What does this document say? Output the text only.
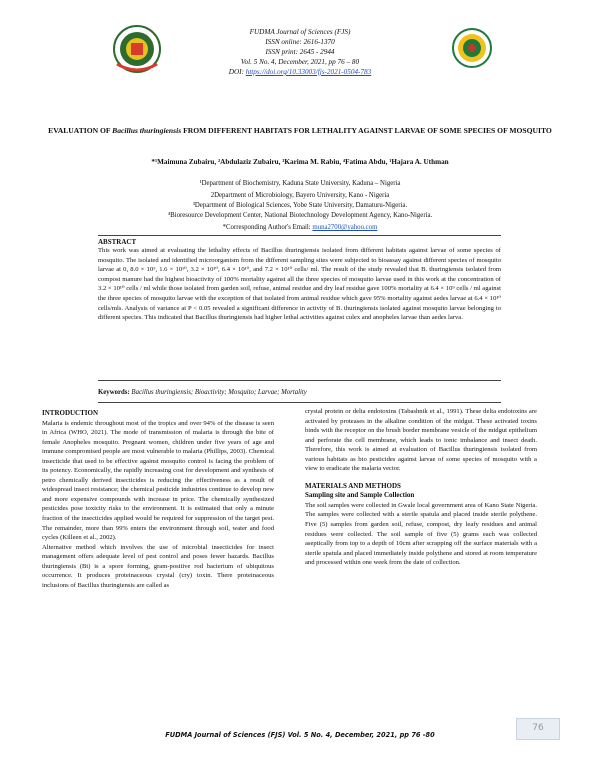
FUDMA Journal of Sciences (FJS)
ISSN online: 2616-1370
ISSN print: 2645 - 2944
Vol. 5 No. 4, December, 2021, pp 76 – 80
DOI: https://doi.org/10.33003/fjs-2021-0504-783
EVALUATION OF Bacillus thuringiensis FROM DIFFERENT HABITATS FOR LETHALITY AGAINST LARVAE OF SOME SPECIES OF MOSQUITO
*¹Maimuna Zubairu, ²Abdulaziz Zubairu, ³Karima M. Rabiu, ⁴Fatima Abdu, ¹Hajara A. Uthman
¹Department of Biochemistry, Kaduna State University, Kaduna – Nigeria
2Department of Microbiology, Bayero University, Kano - Nigeria
³Department of Biological Sciences, Yobe State University, Damaturu-Nigeria.
⁴Bioresource Development Center, National Biotechnology Development Agency, Kano-Nigeria.
*Corresponding Author's Email: muna2700@yahoo.com
ABSTRACT
This work was aimed at evaluating the lethality effects of Bacillus thuringiensis isolated from different habitats against larvae of some species of mosquito. The isolated and identified microorganism from the different sampling sites were subjected to bioassay against different species of mosquito larvae at 0, 8.0 × 10⁹, 1.6 × 10¹⁰, 3.2 × 10¹⁰, 6.4 × 10¹⁰, and 7.2 × 10¹⁰ cells/ ml. The result of the study revealed that B. thuringiensis isolated from compost manure had the highest bioactivity of 100% mortality against all the three species of mosquito larvae used in this work at the concentration of 3.2 × 10¹⁰ cells / ml while those isolated from garden soil, refuse, animal residue and dry leaf residue gave 100% mortality at 6.4 × 10⁹ cells / ml against the three species of mosquito larvae with the exception of that isolated from animal residue which gave 95% mortality against aedes larvae at 6.4 × 10¹⁰ cells/mls. Analysis of variance at P < 0.05 revealed a significant difference in activity of B. thuringiensis isolated against mosquito larvae belonging to different species. This indicated that Bacillus thuringiensis had higher lethal activities against culex and anopheles larvae than aedes larva.
Keywords: Bacillus thuringiensis; Bioactivity; Mosquito; Larvae; Mortality

INTRODUCTION

Malaria is endemic throughout most of the tropics and over 94% of the disease is seen in Africa (WHO, 2021). The mode of transmission of malaria is through the bite of female Anopheles mosquito. Pregnant women, children under five years of age and immune compromised people are most vulnerable to malaria (Phillips, 2003). Chemical insecticide that used to be effective against mosquito control is facing the problem of its potency. Economically, the rapidly increasing cost for development and synthesis of petro chemically derived insecticides is reducing the effectiveness as a result of widespread insect resistance; the chemical pesticide industries continue to develop new and more expensive compounds with increase in price. The chemically synthesized pesticides pose toxicity risks to the environment. It is estimated that only a minute fraction of the insecticides applied would be required for suppression of the target pest. The remainder, more than 99% enters the environment through soil, water and food cycles (Killeen et al., 2002).

Alternative method which involves the use of microbial insecticides for insect management offers adequate level of pest control and poses fewer hazards. Bacillus thuringiensis (Bt) is a spore forming, gram-positive rod bacterium of ubiquitous occurrence. It produces proteinaceous crystal (cry) toxin. There proteinaceous inclusions of Bacillus thuringiensis are called as

crystal protein or delta endotoxins (Tabashnik et al., 1991). These delta endotoxins are activated by proteases in the alkaline condition of the midgut. These activated toxins binds with the receptor on the brush border membrane vesicle of the midgut epithelium and perforate the cell membrane, which leads to ionic imbalance and insect death. Therefore, this work is aimed at evaluation of Bacillus thuringiensis isolated from various habitats as bio pesticides against larvae of some species of mosquito with a view to eradicate the malaria vector.

MATERIALS AND METHODS

Sampling site and Sample Collection

The soil samples were collected in Gwale local government area of Kano State Nigeria. The samples were collected with a sterile spatula and placed inside sterile polythene. Five (5) samples from garden soil, refuse, compost, dry leafy residues and animal residues were collected. The soil sample of five (5) grams each was collected aseptically from top to a depth of 10cm after scrapping off the surface materials with a sterile spatula and placed immediately inside polythene and stored at room temperature and processed within one week from the date of collection.

FUDMA Journal of Sciences (FJS) Vol. 5 No. 4, December, 2021, pp 76 -80
76
